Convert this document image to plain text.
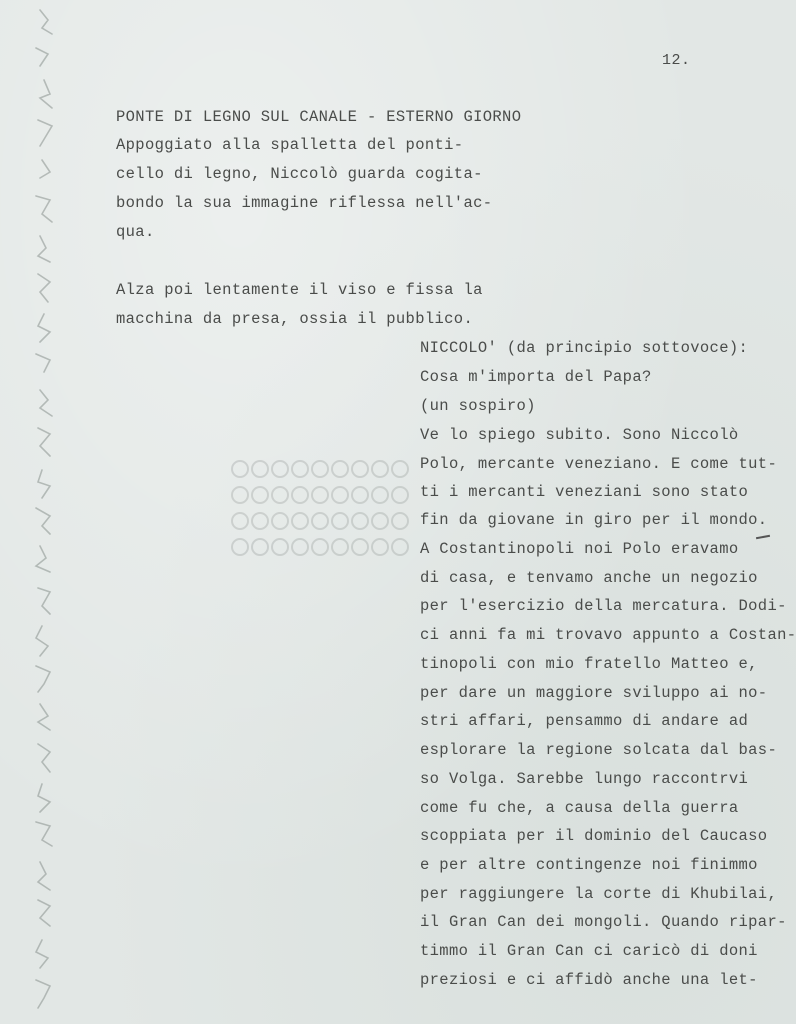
12.
PONTE DI LEGNO SUL CANALE - ESTERNO GIORNO
Appoggiato alla spalletta del ponti-
cello di legno, Niccolò guarda cogita-
bondo la sua immagine riflessa nell'ac-
qua.
Alza poi lentamente il viso e fissa la
macchina da presa, ossia il pubblico.
NICCOLO' (da principio sottovoce):
Cosa m'importa del Papa?
(un sospiro)
Ve lo spiego subito. Sono Niccolò
Polo, mercante veneziano. E come tut-
ti i mercanti veneziani sono stato
fin da giovane in giro per il mondo.
A Costantinopoli noi Polo eravamo
di casa, e tenvamo anche un negozio
per l'esercizio della mercatura. Dodi-
ci anni fa mi trovavo appunto a Costan-
tinopoli con mio fratello Matteo e,
per dare un maggiore sviluppo ai no-
stri affari, pensammo di andare ad
esplorare la regione solcata dal bas-
so Volga. Sarebbe lungo raccontrvi
come fu che, a causa della guerra
scoppiata per il dominio del Caucaso
e per altre contingenze noi finimmo
per raggiungere la corte di Khubilai,
il Gran Can dei mongoli. Quando ripar-
timmo il Gran Can ci caricò di doni
preziosi e ci affidò anche una let-
